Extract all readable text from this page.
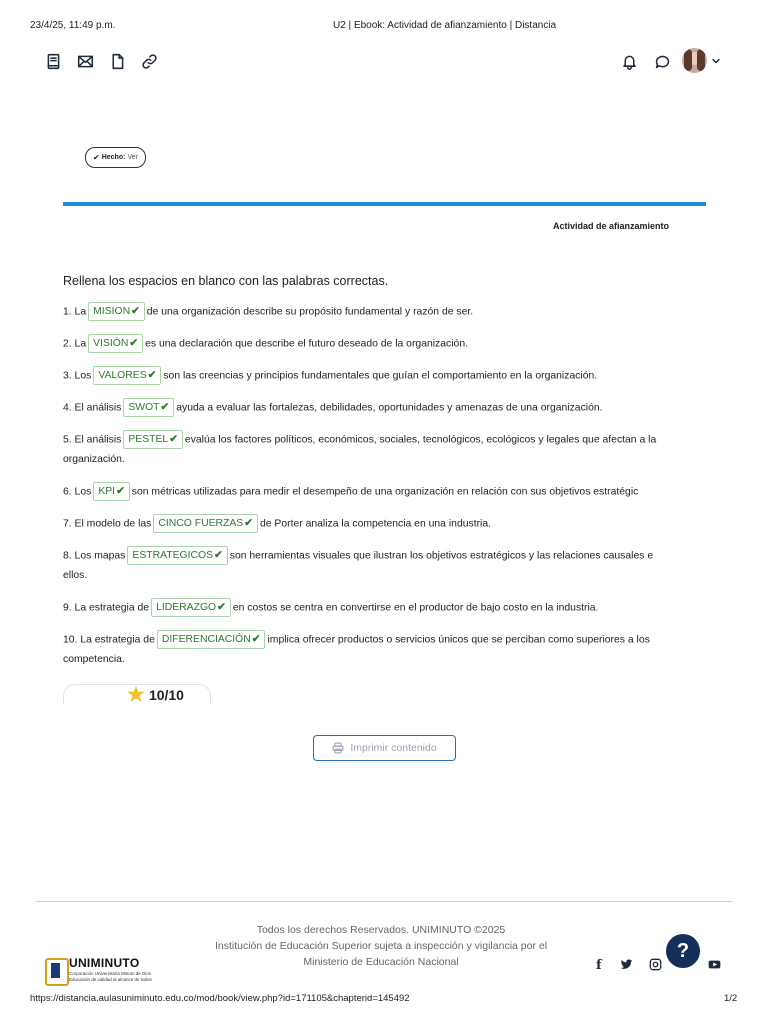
23/4/25, 11:49 p.m.	U2 | Ebook: Actividad de afianzamiento | Distancia
✔ Hecho: Ver
Actividad de afianzamiento
Rellena los espacios en blanco con las palabras correctas.
1. La MISION✔ de una organización describe su propósito fundamental y razón de ser.
2. La VISIÓN✔ es una declaración que describe el futuro deseado de la organización.
3. Los VALORES✔ son las creencias y principios fundamentales que guían el comportamiento en la organización.
4. El análisis SWOT✔ ayuda a evaluar las fortalezas, debilidades, oportunidades y amenazas de una organización.
5. El análisis PESTEL✔ evalúa los factores políticos, económicos, sociales, tecnológicos, ecológicos y legales que afectan a la
organización.
6. Los KPI✔ son métricas utilizadas para medir el desempeño de una organización en relación con sus objetivos estratégic
7. El modelo de las CINCO FUERZAS✔ de Porter analiza la competencia en una industria.
8. Los mapas ESTRATEGICOS✔ son herramientas visuales que ilustran los objetivos estratégicos y las relaciones causales e
ellos.
9. La estrategia de LIDERAZGO✔ en costos se centra en convertirse en el productor de bajo costo en la industria.
10. La estrategia de DIFERENCIACIÓN✔ implica ofrecer productos o servicios únicos que se perciban como superiores a los
competencia.
★ 10/10
Imprimir contenido
Todos los derechos Reservados. UNIMINUTO ©2025
Institución de Educación Superior sujeta a inspección y vigilancia por el
Ministerio de Educación Nacional
UNIMINUTO
Corporación Universitaria Minuto de Dios
Educación de calidad al alcance de todos
f
?
https://distancia.aulasuniminuto.edu.co/mod/book/view.php?id=171105&chapterid=145492	1/2
